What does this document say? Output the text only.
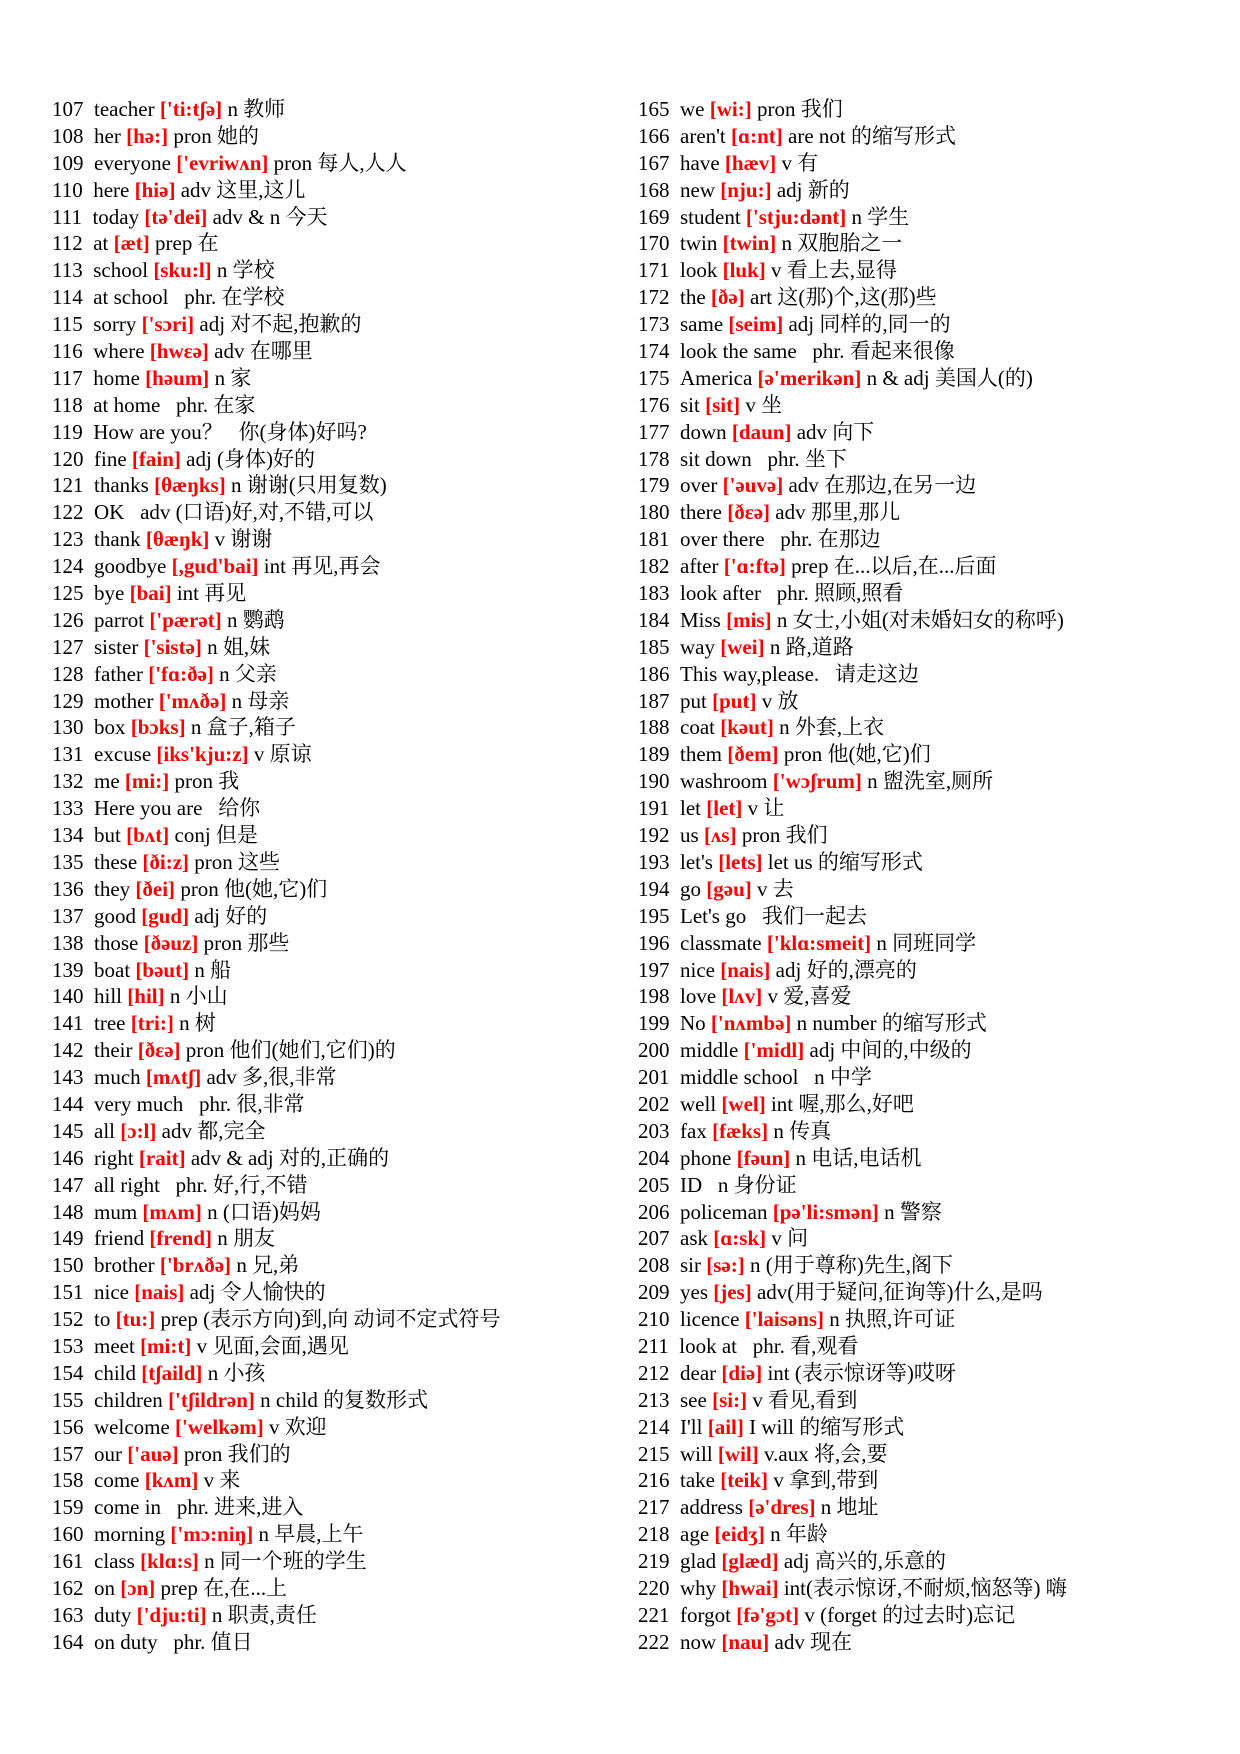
107 teacher ['ti:tʃə] n 教师
108 her [hə:] pron 她的
109 everyone ['evriwʌn] pron 每人,人人
110 here [hiə] adv 这里,这儿
111 today [tə'dei] adv & n 今天
112 at [æt] prep 在
113 school [sku:l] n 学校
114 at school phr. 在学校
115 sorry ['sɔri] adj 对不起,抱歉的
116 where [hwεə] adv 在哪里
117 home [həum] n 家
118 at home phr. 在家
119 How are you？ 你(身体)好吗?
120 fine [fain] adj (身体)好的
121 thanks [θæŋks] n 谢谢(只用复数)
122 OK adv (口语)好,对,不错,可以
123 thank [θæŋk] v 谢谢
124 goodbye [,gud'bai] int 再见,再会
125 bye [bai] int 再见
126 parrot ['pærət] n 鹦鹉
127 sister ['sistə] n 姐,妹
128 father ['fɑ:ðə] n 父亲
129 mother ['mʌðə] n 母亲
130 box [bɔks] n 盒子,箱子
131 excuse [iks'kju:z] v 原谅
132 me [mi:] pron 我
133 Here you are 给你
134 but [bʌt] conj 但是
135 these [ði:z] pron 这些
136 they [ðei] pron 他(她,它)们
137 good [gud] adj 好的
138 those [ðəuz] pron 那些
139 boat [bəut] n 船
140 hill [hil] n 小山
141 tree [tri:] n 树
142 their [ðεə] pron 他们(她们,它们)的
143 much [mʌtʃ] adv 多,很,非常
144 very much phr. 很,非常
145 all [ɔ:l] adv 都,完全
146 right [rait] adv & adj 对的,正确的
147 all right phr. 好,行,不错
148 mum [mʌm] n (口语)妈妈
149 friend [frend] n 朋友
150 brother ['brʌðə] n 兄,弟
151 nice [nais] adj 令人愉快的
152 to [tu:] prep (表示方向)到,向 动词不定式符号
153 meet [mi:t] v 见面,会面,遇见
154 child [tʃaild] n 小孩
155 children ['tʃildrən] n child 的复数形式
156 welcome ['welkəm] v 欢迎
157 our ['auə] pron 我们的
158 come [kʌm] v 来
159 come in phr. 进来,进入
160 morning ['mɔ:niŋ] n 早晨,上午
161 class [klɑ:s] n 同一个班的学生
162 on [ɔn] prep 在,在...上
163 duty ['dju:ti] n 职责,责任
164 on duty phr. 值日
165 we [wi:] pron 我们
166 aren't [ɑ:nt] are not 的缩写形式
167 have [hæv] v 有
168 new [nju:] adj 新的
169 student ['stju:dənt] n 学生
170 twin [twin] n 双胞胎之一
171 look [luk] v 看上去,显得
172 the [ðə] art 这(那)个,这(那)些
173 same [seim] adj 同样的,同一的
174 look the same phr. 看起来很像
175 America [ə'merikən] n & adj 美国人(的)
176 sit [sit] v 坐
177 down [daun] adv 向下
178 sit down phr. 坐下
179 over ['əuvə] adv 在那边,在另一边
180 there [ðεə] adv 那里,那儿
181 over there phr. 在那边
182 after ['ɑ:ftə] prep 在...以后,在...后面
183 look after phr. 照顾,照看
184 Miss [mis] n 女士,小姐(对未婚妇女的称呼)
185 way [wei] n 路,道路
186 This way,please. 请走这边
187 put [put] v 放
188 coat [kəut] n 外套,上衣
189 them [ðem] pron 他(她,它)们
190 washroom ['wɔʃrum] n 盥洗室,厕所
191 let [let] v 让
192 us [ʌs] pron 我们
193 let's [lets] let us 的缩写形式
194 go [gəu] v 去
195 Let's go 我们一起去
196 classmate ['klɑ:smeit] n 同班同学
197 nice [nais] adj 好的,漂亮的
198 love [lʌv] v 爱,喜爱
199 No ['nʌmbə] n number 的缩写形式
200 middle ['midl] adj 中间的,中级的
201 middle school n 中学
202 well [wel] int 喔,那么,好吧
203 fax [fæks] n 传真
204 phone [fəun] n 电话,电话机
205 ID n 身份证
206 policeman [pə'li:smən] n 警察
207 ask [ɑ:sk] v 问
208 sir [sə:] n (用于尊称)先生,阁下
209 yes [jes] adv(用于疑问,征询等)什么,是吗
210 licence ['laisəns] n 执照,许可证
211 look at phr. 看,观看
212 dear [diə] int (表示惊讶等)哎呀
213 see [si:] v 看见,看到
214 I'll [ail] I will 的缩写形式
215 will [wil] v.aux 将,会,要
216 take [teik] v 拿到,带到
217 address [ə'dres] n 地址
218 age [eidʒ] n 年龄
219 glad [glæd] adj 高兴的,乐意的
220 why [hwai] int(表示惊讶,不耐烦,恼怒等) 嗨
221 forgot [fə'gɔt] v (forget 的过去时)忘记
222 now [nau] adv 现在
